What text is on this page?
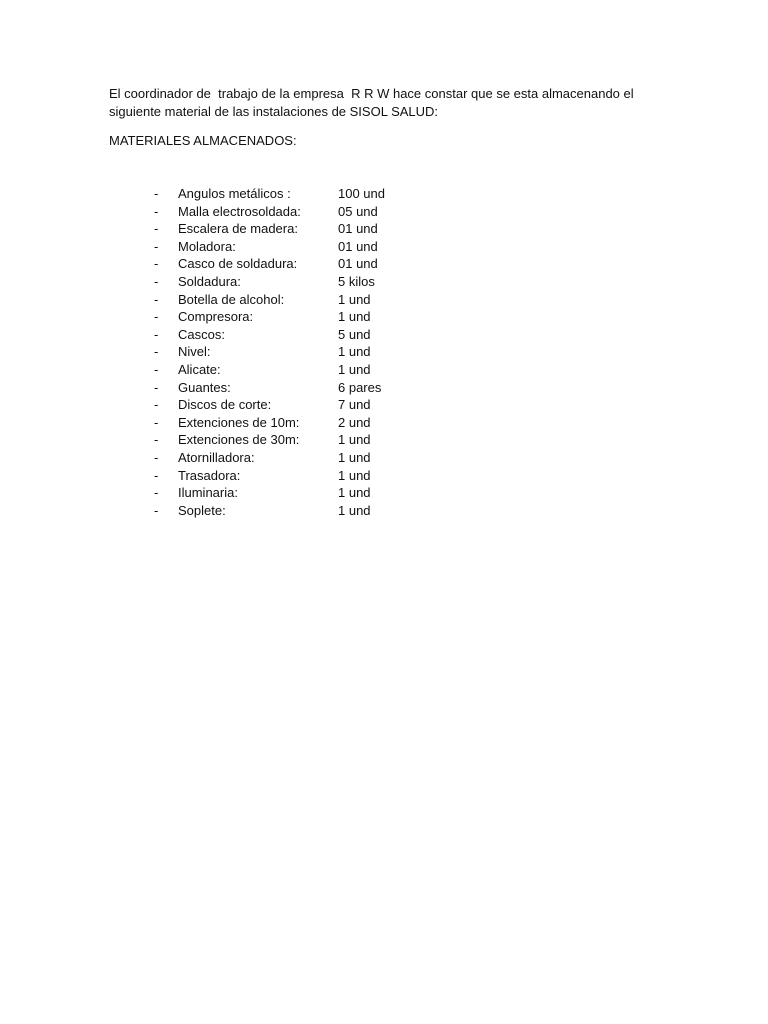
El coordinador de  trabajo de la empresa  R R W hace constar que se esta almacenando el siguiente material de las instalaciones de SISOL SALUD:

MATERIALES ALMACENADOS:

- Angulos metálicos :	100 und
- Malla electrosoldada:	05 und
- Escalera de madera:	01 und
- Moladora:	01 und
- Casco de soldadura:	01 und
- Soldadura:	5 kilos
- Botella de alcohol:	1 und
- Compresora:	1 und
- Cascos:	5 und
- Nivel:	1 und
- Alicate:	1 und
- Guantes:	6 pares
- Discos de corte:	7 und
- Extenciones de 10m:	2 und
- Extenciones de 30m:	1 und
- Atornilladora:	1 und
- Trasadora:	1 und
- Iluminaria:	1 und
- Soplete:	1 und
